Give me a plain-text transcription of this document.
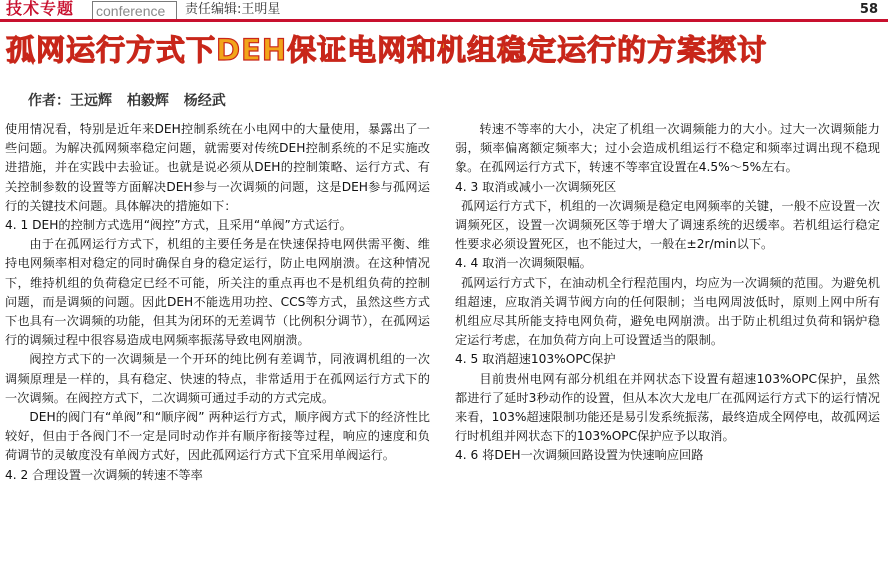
技术专题 conference	责任编辑:王明星	58
孤网运行方式下DEH保证电网和机组稳定运行的方案探讨
作者：王远辉 柏毅辉 杨经武

使用情况看，特别是近年来DEH控制系统在小电网中的大量使用，暴露出了一些问题。为解决孤网频率稳定问题，就需要对传统DEH控制系统的不足实施改进措施，并在实践中去验证。也就是说必须从DEH的控制策略、运行方式、有关控制参数的设置等方面解决DEH参与一次调频的问题，这是DEH参与孤网运行的关键技术问题。具体解决的措施如下：

4. 1 DEH的控制方式选用“阀控”方式，且采用“单阀”方式运行。

由于在孤网运行方式下，机组的主要任务是在快速保持电网供需平衡、维持电网频率相对稳定的同时确保自身的稳定运行，防止电网崩溃。在这种情况下，维持机组的负荷稳定已经不可能，所关注的重点再也不是机组负荷的控制问题，而是调频的问题。因此DEH不能选用功控、CCS等方式，虽然这些方式下也具有一次调频的功能，但其为闭环的无差调节（比例积分调节），在孤网运行的调频过程中很容易造成电网频率振荡导致电网崩溃。

阀控方式下的一次调频是一个开环的纯比例有差调节，同液调机组的一次调频原理是一样的，具有稳定、快速的特点，非常适用于在孤网运行方式下的一次调频。在阀控方式下，二次调频可通过手动的方式完成。

DEH的阀门有“单阀”和“顺序阀” 两种运行方式，顺序阀方式下的经济性比较好，但由于各阀门不一定是同时动作并有顺序衔接等过程，响应的速度和负荷调节的灵敏度没有单阀方式好，因此孤网运行方式下宜采用单阀运行。

4. 2 合理设置一次调频的转速不等率

转速不等率的大小，决定了机组一次调频能力的大小。过大一次调频能力弱，频率偏离额定频率大；过小会造成机组运行不稳定和频率过调出现不稳现象。在孤网运行方式下，转速不等率宜设置在4.5%～5%左右。

4. 3 取消或减小一次调频死区

孤网运行方式下，机组的一次调频是稳定电网频率的关键，一般不应设置一次调频死区，设置一次调频死区等于增大了调速系统的迟缓率。若机组运行稳定性要求必须设置死区，也不能过大，一般在±2r/min以下。

4. 4 取消一次调频限幅。

孤网运行方式下，在油动机全行程范围内，均应为一次调频的范围。为避免机组超速，应取消关调节阀方向的任何限制；当电网周波低时，原则上网中所有机组应尽其所能支持电网负荷，避免电网崩溃。出于防止机组过负荷和锅炉稳定运行考虑，在加负荷方向上可设置适当的限制。

4. 5 取消超速103%OPC保护

目前贵州电网有部分机组在并网状态下设置有超速103%OPC保护，虽然都进行了延时3秒动作的设置，但从本次大龙电厂在孤网运行方式下的运行情况来看，103%超速限制功能还是易引发系统振荡，最终造成全网停电，故孤网运行时机组并网状态下的103%OPC保护应予以取消。

4. 6 将DEH一次调频回路设置为快速响应回路
